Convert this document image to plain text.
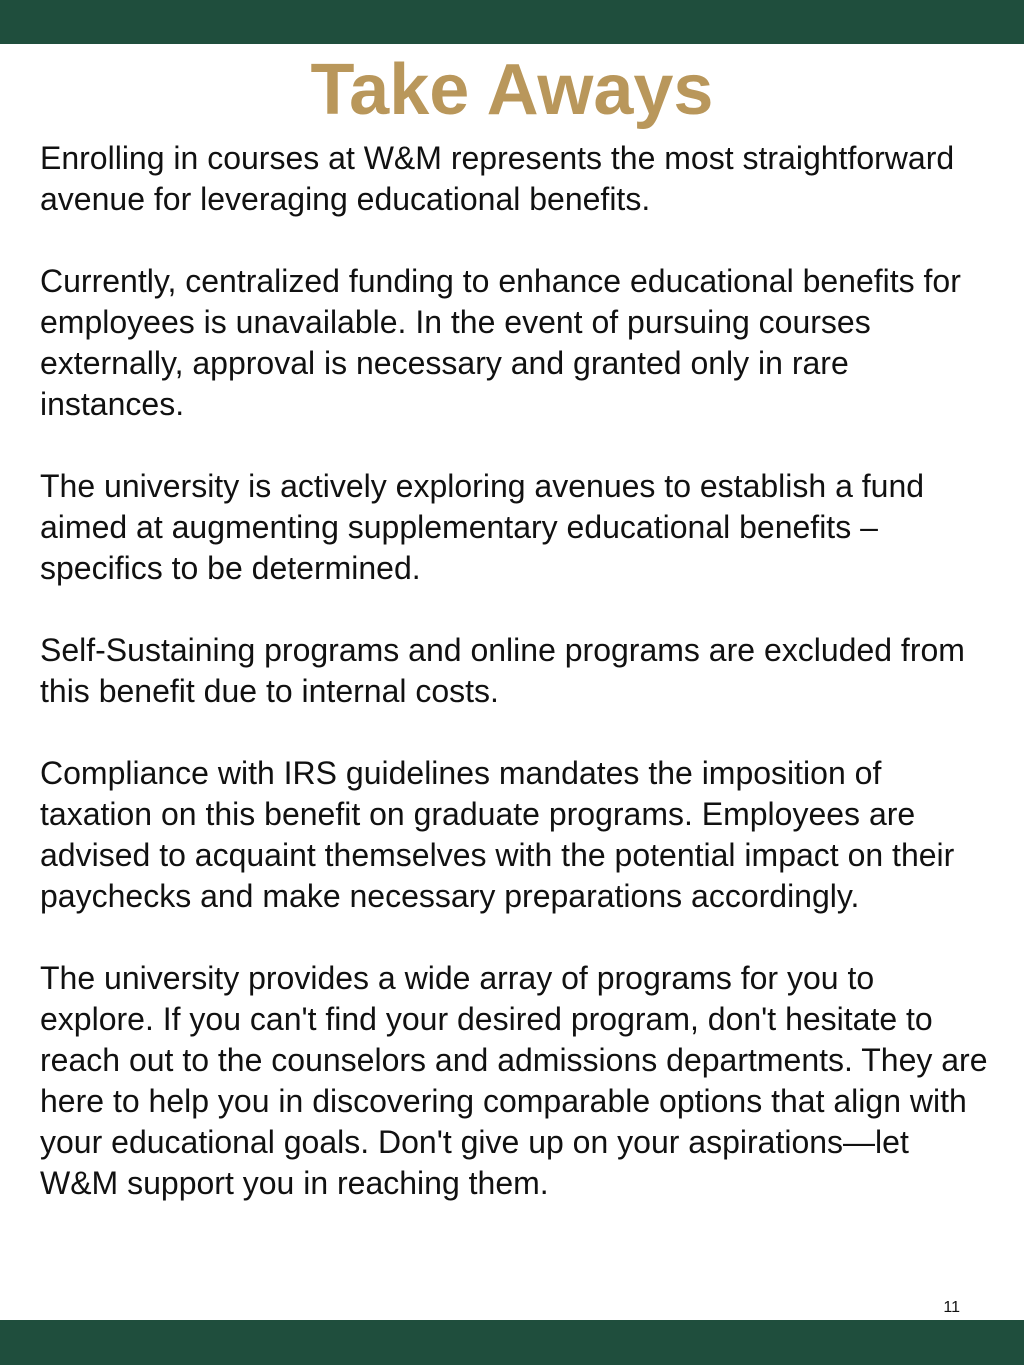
Take Aways

Enrolling in courses at W&M represents the most straightforward avenue for leveraging educational benefits.

Currently, centralized funding to enhance educational benefits for employees is unavailable. In the event of pursuing courses externally, approval is necessary and granted only in rare instances.

The university is actively exploring avenues to establish a fund aimed at augmenting supplementary educational benefits – specifics to be determined.

Self-Sustaining programs and online programs are excluded from this benefit due to internal costs.

Compliance with IRS guidelines mandates the imposition of taxation on this benefit on graduate programs. Employees are advised to acquaint themselves with the potential impact on their paychecks and make necessary preparations accordingly.

The university provides a wide array of programs for you to explore. If you can't find your desired program, don't hesitate to reach out to the counselors and admissions departments. They are here to help you in discovering comparable options that align with your educational goals. Don't give up on your aspirations—let W&M support you in reaching them.

11
